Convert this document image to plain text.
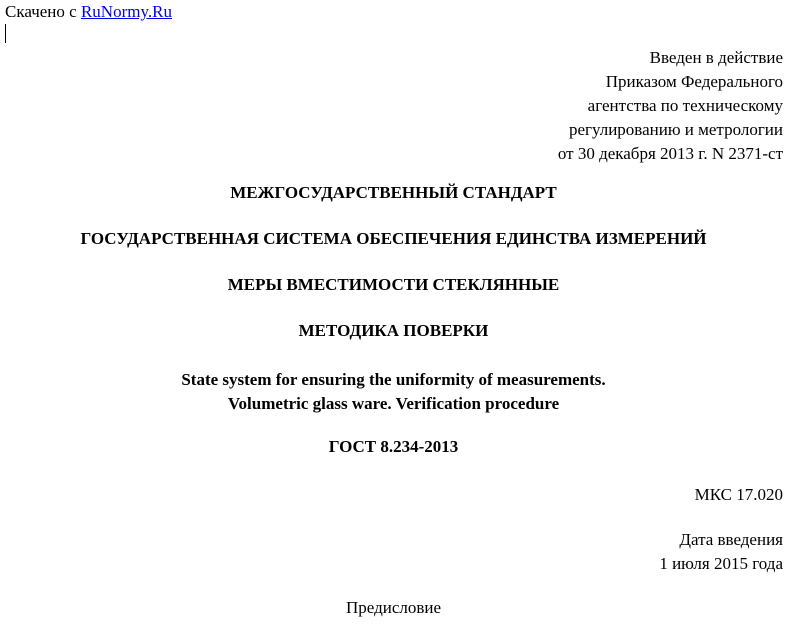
Скачено с RuNormy.Ru
Введен в действие
Приказом Федерального
агентства по техническому
регулированию и метрологии
от 30 декабря 2013 г. N 2371-ст
МЕЖГОСУДАРСТВЕННЫЙ СТАНДАРТ
ГОСУДАРСТВЕННАЯ СИСТЕМА ОБЕСПЕЧЕНИЯ ЕДИНСТВА ИЗМЕРЕНИЙ
МЕРЫ ВМЕСТИМОСТИ СТЕКЛЯННЫЕ
МЕТОДИКА ПОВЕРКИ
State system for ensuring the uniformity of measurements.
Volumetric glass ware. Verification procedure
ГОСТ 8.234-2013
МКС 17.020
Дата введения
1 июля 2015 года
Предисловие
